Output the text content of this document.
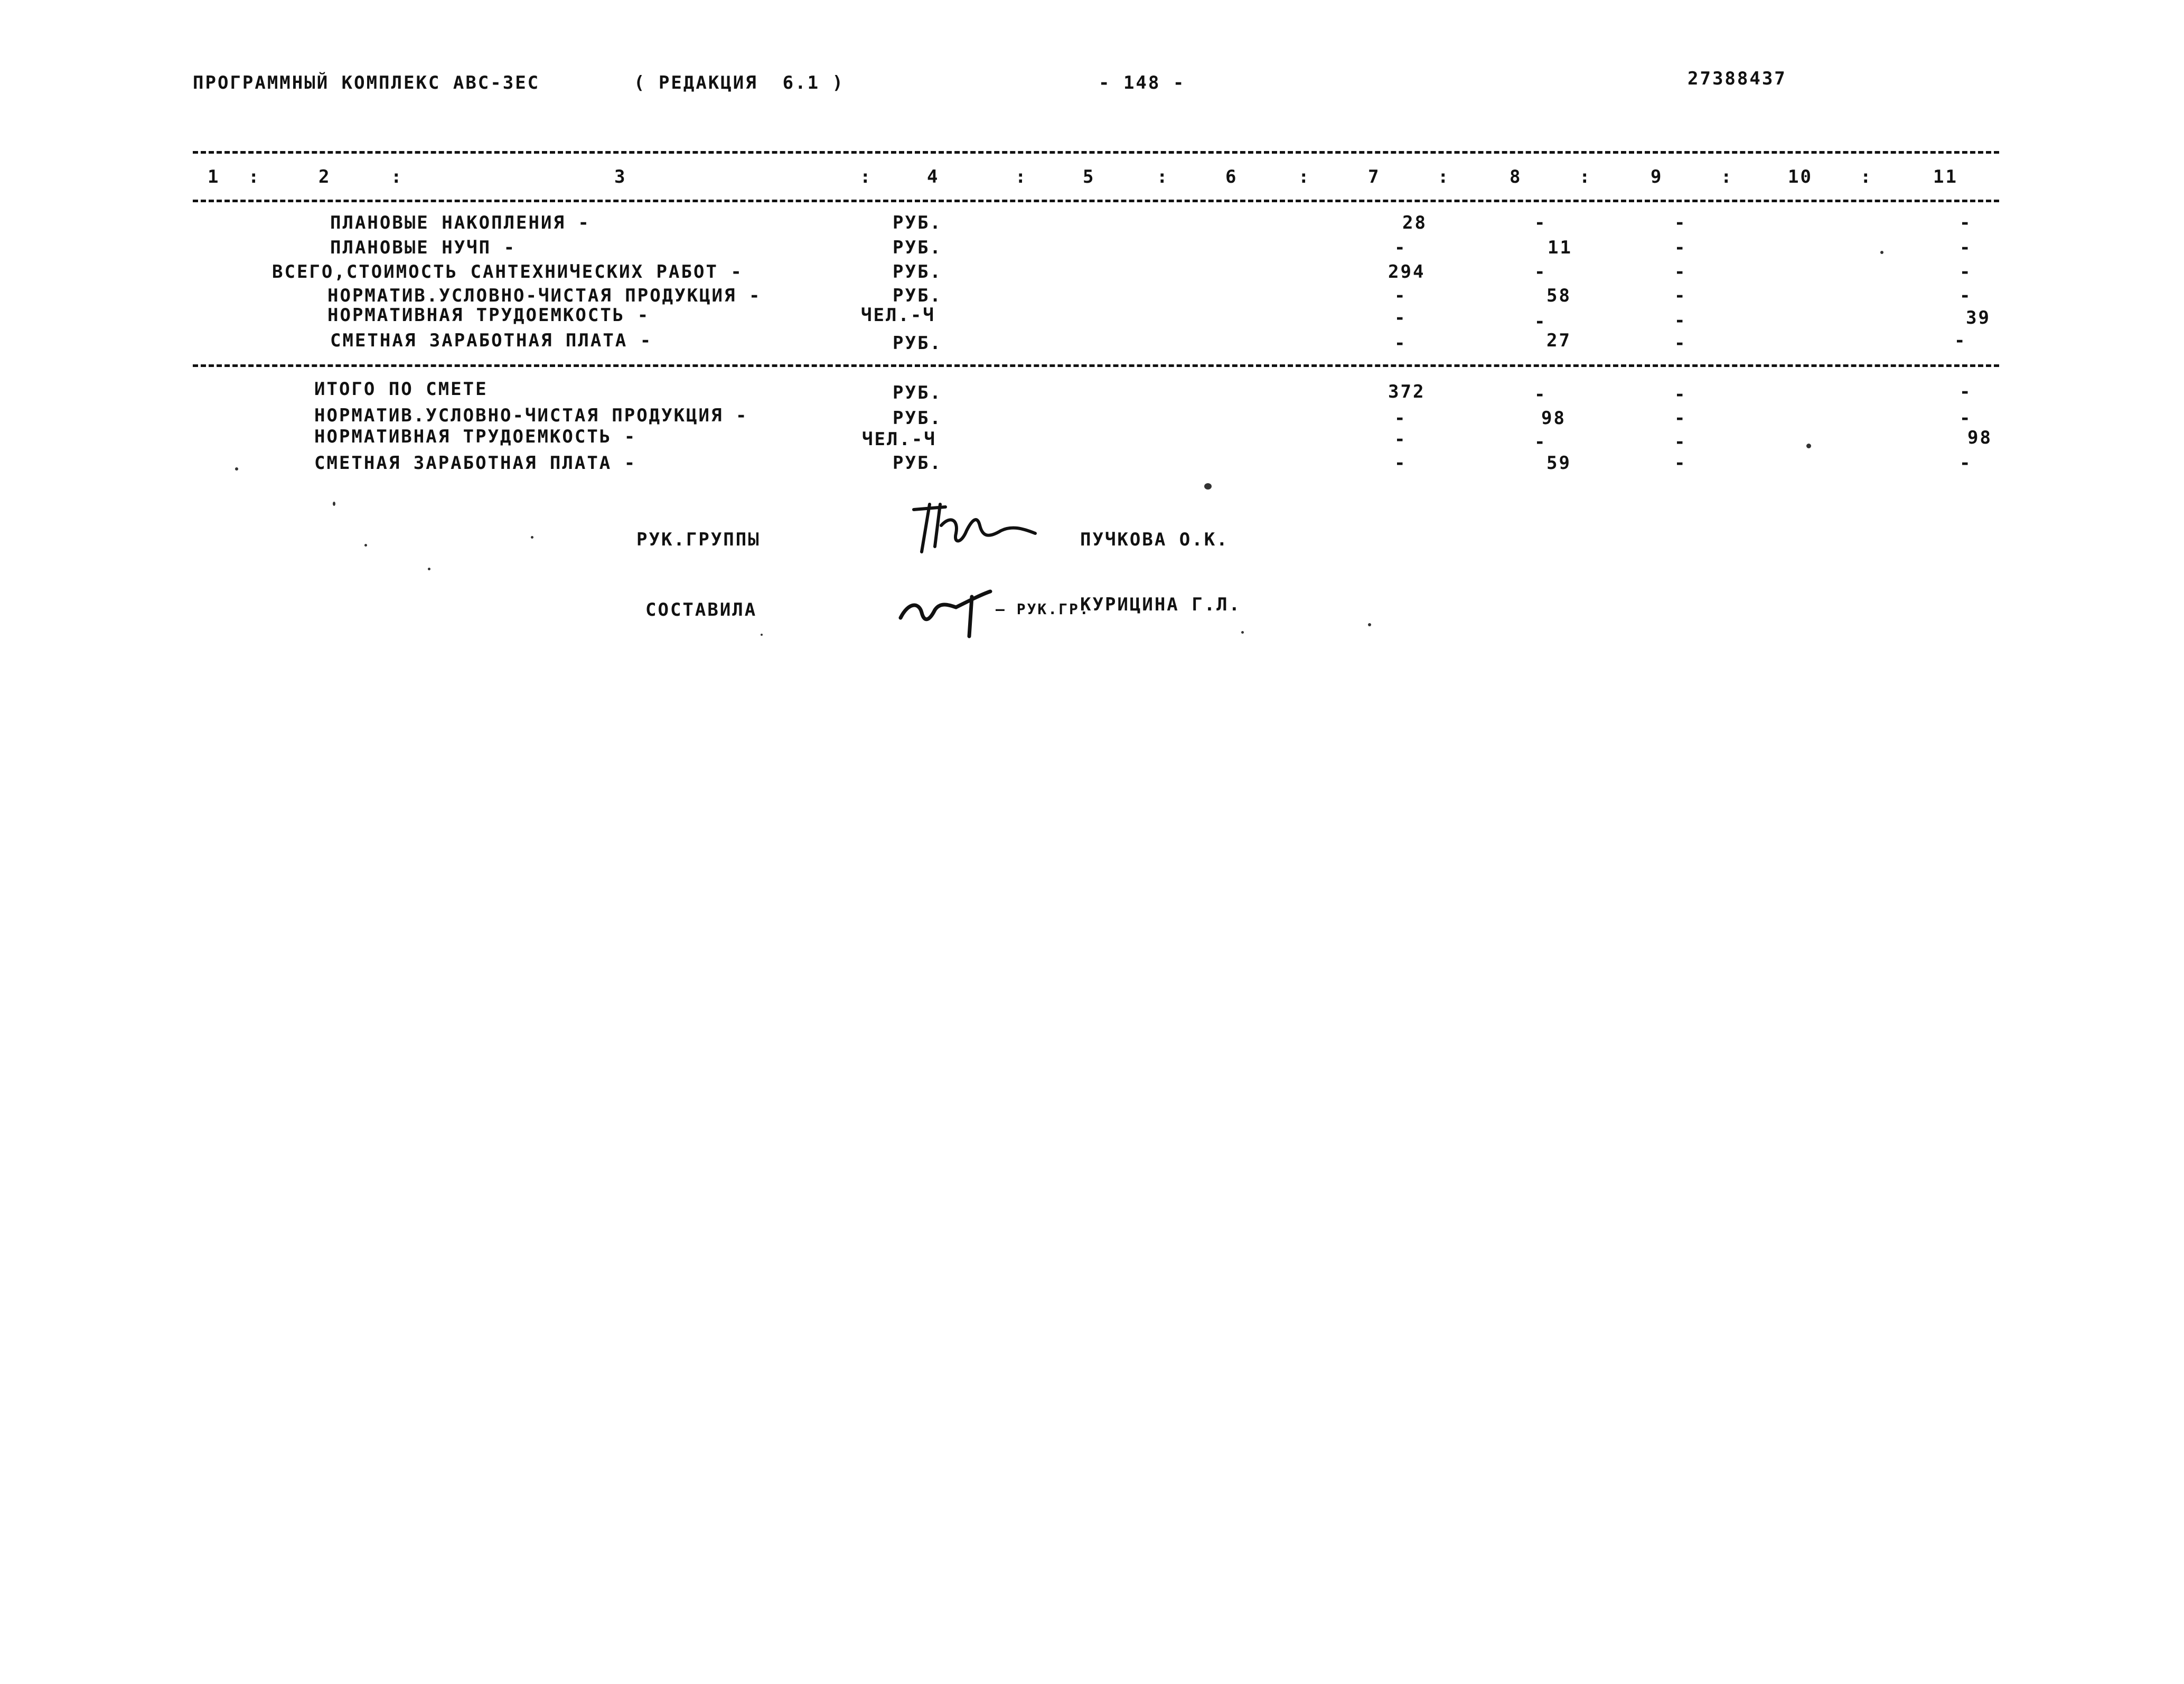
ПРОГРАММНЫЙ КОМПЛЕКС АВС-3ЕС	( РЕДАКЦИЯ  6.1 )	- 148 -	27388437
1 :	2	:	3	:	4	:	5	:	6	:	7	:	8	:	9	:	10	:	11
ПЛАНОВЫЕ НАКОПЛЕНИЯ -	РУБ.	28	-	-	-
ПЛАНОВЫЕ НУЧП -	РУБ.	-	11	-	-
ВСЕГО,СТОИМОСТЬ САНТЕХНИЧЕСКИХ РАБОТ -	РУБ.	294	-	-	-
НОРМАТИВ.УСЛОВНО-ЧИСТАЯ ПРОДУКЦИЯ -	РУБ.	-	58	-	-
НОРМАТИВНАЯ ТРУДОЕМКОСТЬ -	ЧЕЛ.-Ч	-	-	-	39
СМЕТНАЯ ЗАРАБОТНАЯ ПЛАТА -	РУБ.	-	27	-	-
ИТОГО ПО СМЕТЕ	РУБ.	372	-	-	-
НОРМАТИВ.УСЛОВНО-ЧИСТАЯ ПРОДУКЦИЯ -	РУБ.	-	98	-	-
НОРМАТИВНАЯ ТРУДОЕМКОСТЬ -	ЧЕЛ.-Ч	-	-	-	98
СМЕТНАЯ ЗАРАБОТНАЯ ПЛАТА -	РУБ.	-	59	-	-
РУК.ГРУППЫ	ПУЧКОВА О.К.
СОСТАВИЛА	— РУК.ГР.
КУРИЦИНА Г.Л.
